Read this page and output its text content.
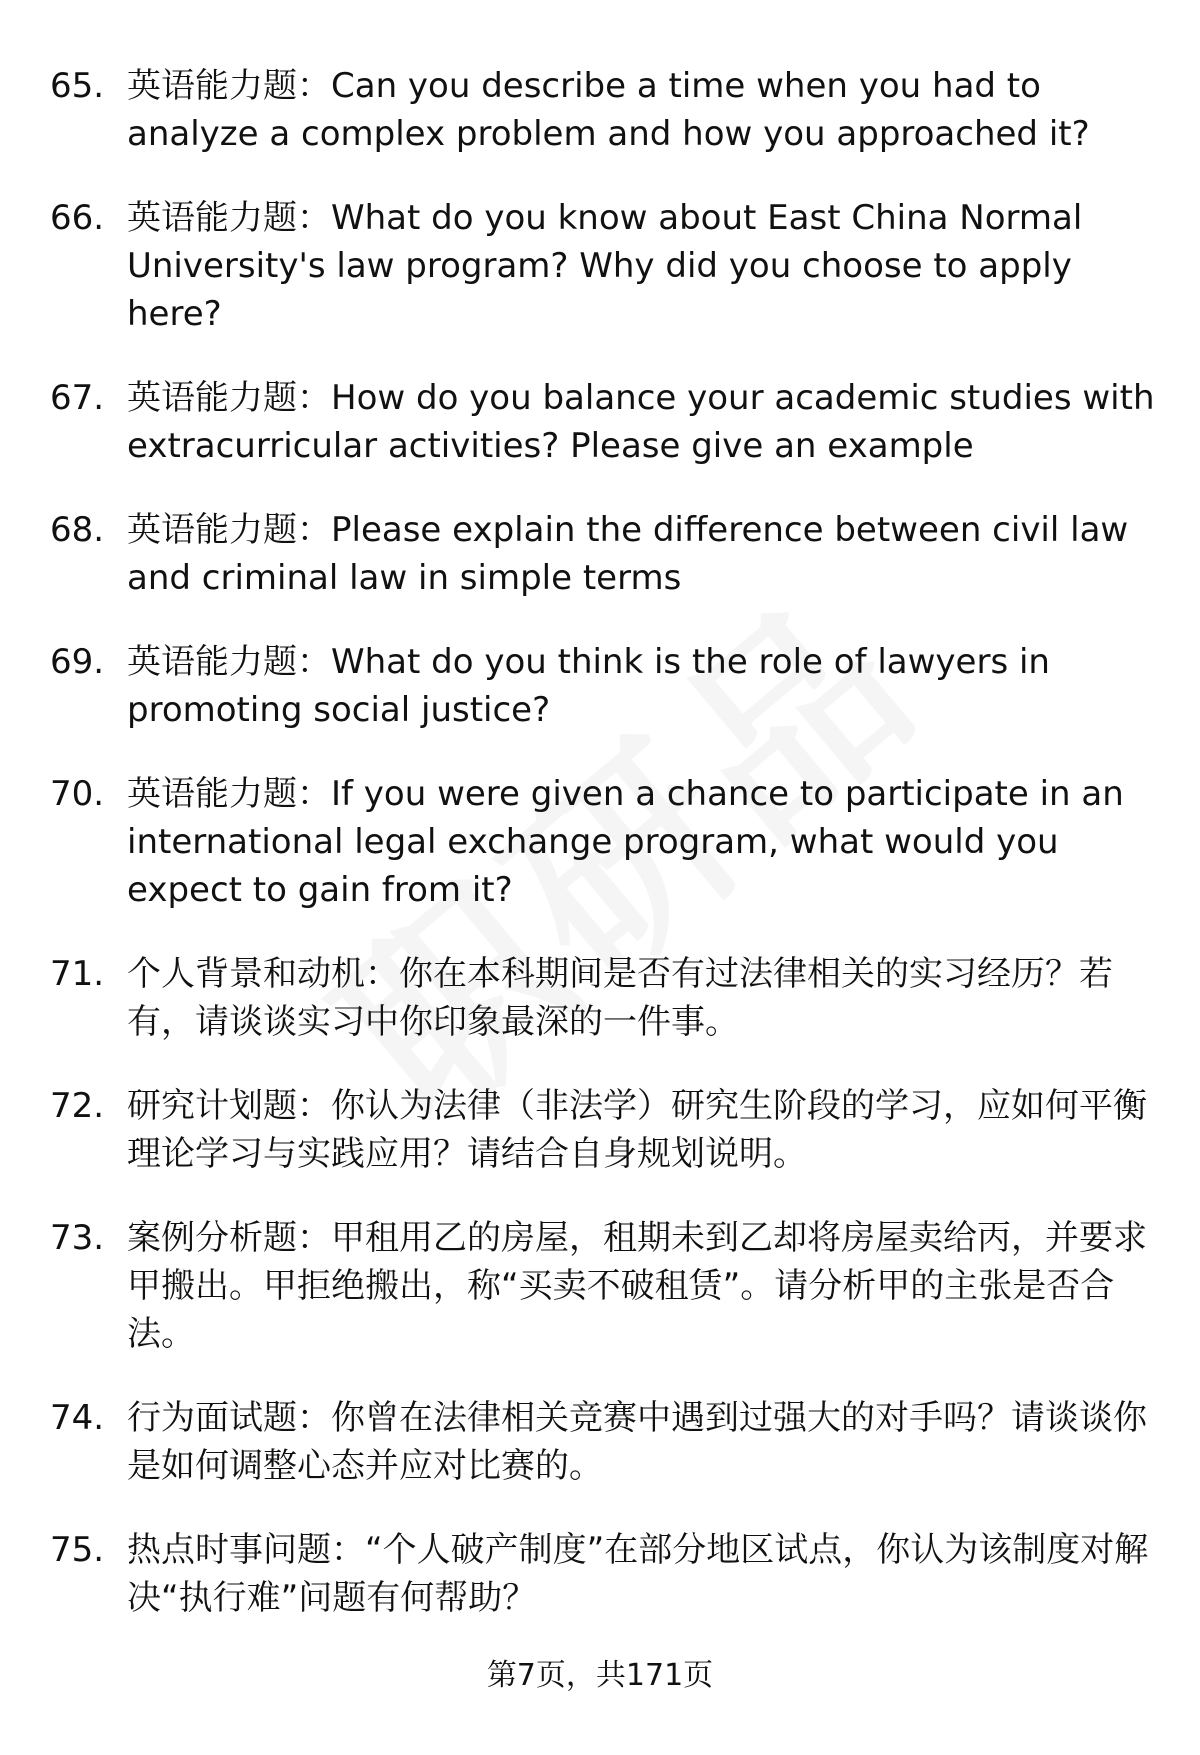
65. 英语能力题：Can you describe a time when you had to analyze a complex problem and how you approached it?
66. 英语能力题：What do you know about East China Normal University's law program? Why did you choose to apply here?
67. 英语能力题：How do you balance your academic studies with extracurricular activities? Please give an example
68. 英语能力题：Please explain the difference between civil law and criminal law in simple terms
69. 英语能力题：What do you think is the role of lawyers in promoting social justice?
70. 英语能力题：If you were given a chance to participate in an international legal exchange program, what would you expect to gain from it?
71. 个人背景和动机：你在本科期间是否有过法律相关的实习经历？若有，请谈谈实习中你印象最深的一件事。
72. 研究计划题：你认为法律（非法学）研究生阶段的学习，应如何平衡理论学习与实践应用？请结合自身规划说明。
73. 案例分析题：甲租用乙的房屋，租期未到乙却将房屋卖给丙，并要求甲搬出。甲拒绝搬出，称“买卖不破租赁”。请分析甲的主张是否合法。
74. 行为面试题：你曾在法律相关竞赛中遇到过强大的对手吗？请谈谈你是如何调整心态并应对比赛的。
75. 热点时事问题：“个人破产制度”在部分地区试点，你认为该制度对解决“执行难”问题有何帮助？
第7页，共171页
